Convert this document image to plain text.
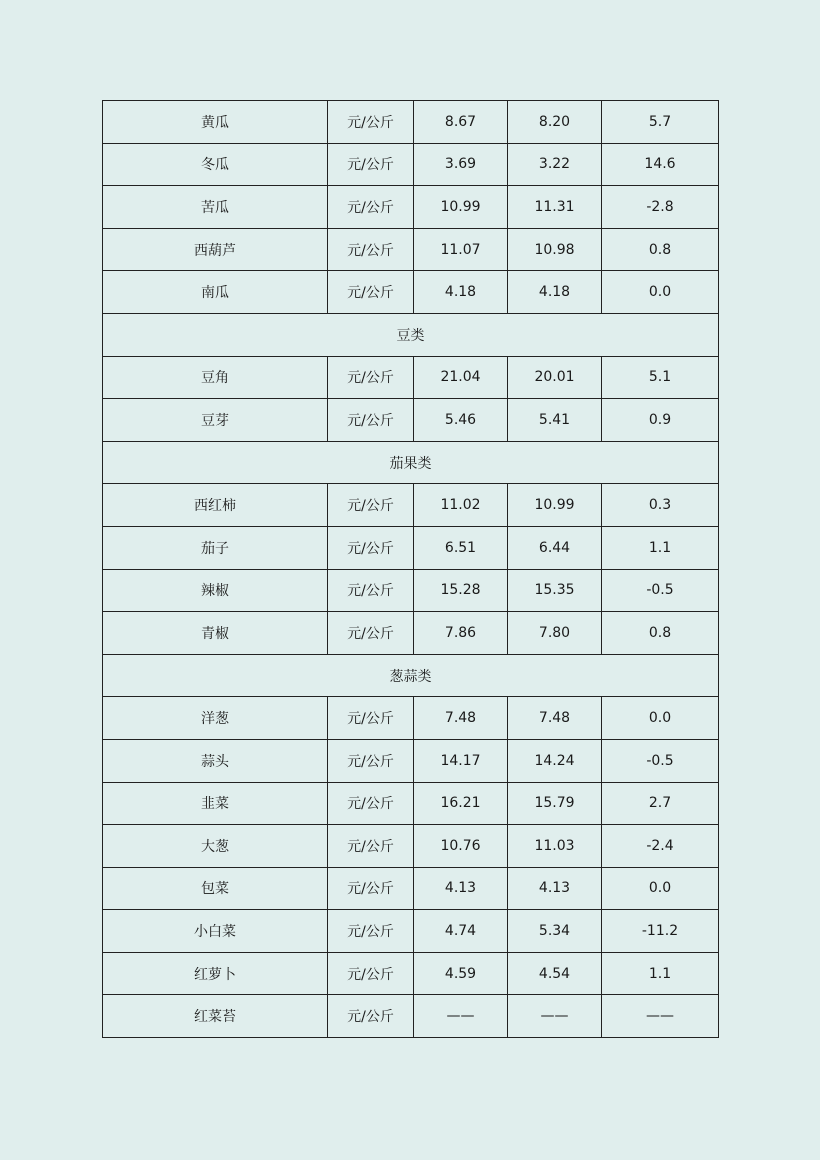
黄瓜	元/公斤	8.67	8.20	5.7
冬瓜	元/公斤	3.69	3.22	14.6
苦瓜	元/公斤	10.99	11.31	-2.8
西葫芦	元/公斤	11.07	10.98	0.8
南瓜	元/公斤	4.18	4.18	0.0
豆类				
豆角	元/公斤	21.04	20.01	5.1
豆芽	元/公斤	5.46	5.41	0.9
茄果类				
西红柿	元/公斤	11.02	10.99	0.3
茄子	元/公斤	6.51	6.44	1.1
辣椒	元/公斤	15.28	15.35	-0.5
青椒	元/公斤	7.86	7.80	0.8
葱蒜类				
洋葱	元/公斤	7.48	7.48	0.0
蒜头	元/公斤	14.17	14.24	-0.5
韭菜	元/公斤	16.21	15.79	2.7
大葱	元/公斤	10.76	11.03	-2.4
包菜	元/公斤	4.13	4.13	0.0
小白菜	元/公斤	4.74	5.34	-11.2
红萝卜	元/公斤	4.59	4.54	1.1
红菜苔	元/公斤	——	——	——
